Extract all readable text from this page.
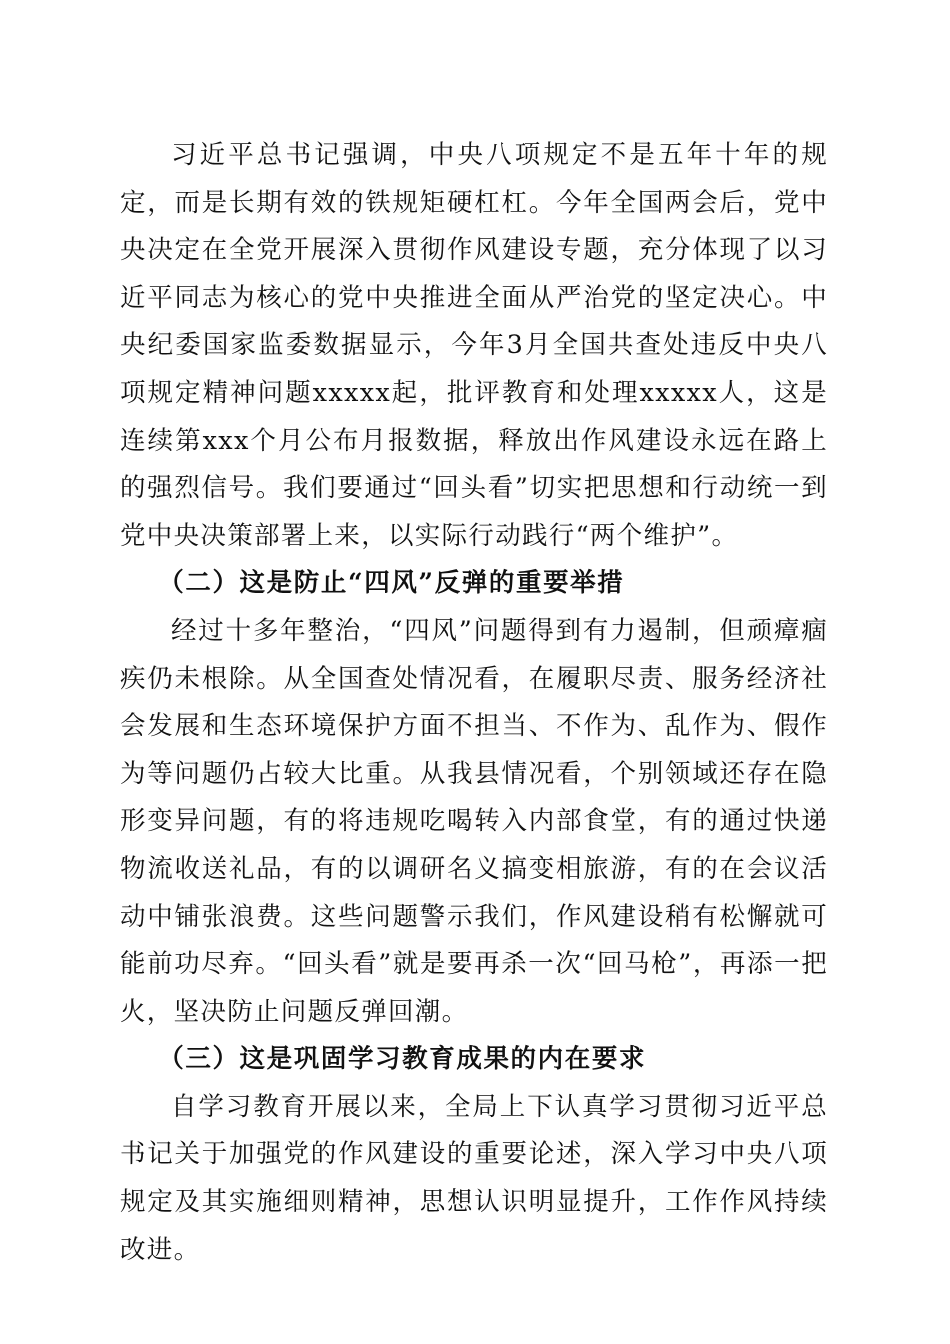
习近平总书记强调，中央八项规定不是五年十年的规定，而是长期有效的铁规矩硬杠杠。今年全国两会后，党中央决定在全党开展深入贯彻作风建设专题，充分体现了以习近平同志为核心的党中央推进全面从严治党的坚定决心。中央纪委国家监委数据显示，今年3月全国共查处违反中央八项规定精神问题xxxxx起，批评教育和处理xxxxx人，这是连续第xxx个月公布月报数据，释放出作风建设永远在路上的强烈信号。我们要通过“回头看”切实把思想和行动统一到党中央决策部署上来，以实际行动践行“两个维护”。

（二）这是防止“四风”反弹的重要举措

经过十多年整治，“四风”问题得到有力遏制，但顽瘴痼疾仍未根除。从全国查处情况看，在履职尽责、服务经济社会发展和生态环境保护方面不担当、不作为、乱作为、假作为等问题仍占较大比重。从我县情况看，个别领域还存在隐形变异问题，有的将违规吃喝转入内部食堂，有的通过快递物流收送礼品，有的以调研名义搞变相旅游，有的在会议活动中铺张浪费。这些问题警示我们，作风建设稍有松懈就可能前功尽弃。“回头看”就是要再杀一次“回马枪”，再添一把火，坚决防止问题反弹回潮。

（三）这是巩固学习教育成果的内在要求

自学习教育开展以来，全局上下认真学习贯彻习近平总书记关于加强党的作风建设的重要论述，深入学习中央八项规定及其实施细则精神，思想认识明显提升，工作作风持续改进。
